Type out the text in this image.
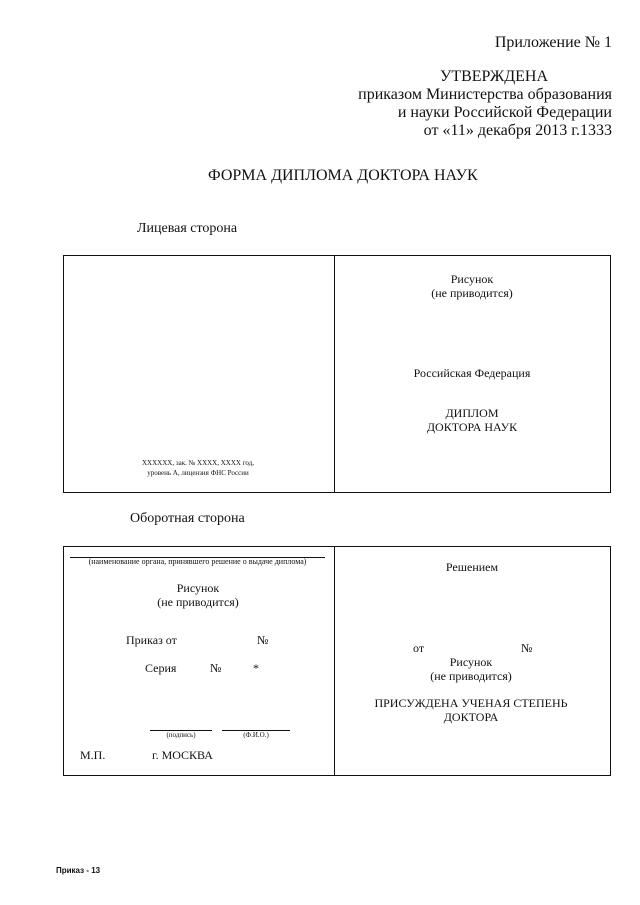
Приложение № 1
УТВЕРЖДЕНА
приказом Министерства образования
и науки Российской Федерации
от «11» декабря 2013 г.1333
ФОРМА ДИПЛОМА ДОКТОРА НАУК
Лицевая сторона
XXXXXX, зак. № XXXX, XXXX год,
уровень А, лицензия ФНС России
Рисунок
(не приводится)
Российская Федерация
ДИПЛОМ
ДОКТОРА НАУК
Оборотная сторона
(наименование органа, принявшего решение о выдаче диплома)
Рисунок
(не приводится)
Приказ от	№
Серия	№	*
(подпись)	(Ф.И.О.)
М.П.	г. МОСКВА
Решением
от	№
Рисунок
(не приводится)
ПРИСУЖДЕНА УЧЕНАЯ СТЕПЕНЬ
ДОКТОРА
Приказ - 13
